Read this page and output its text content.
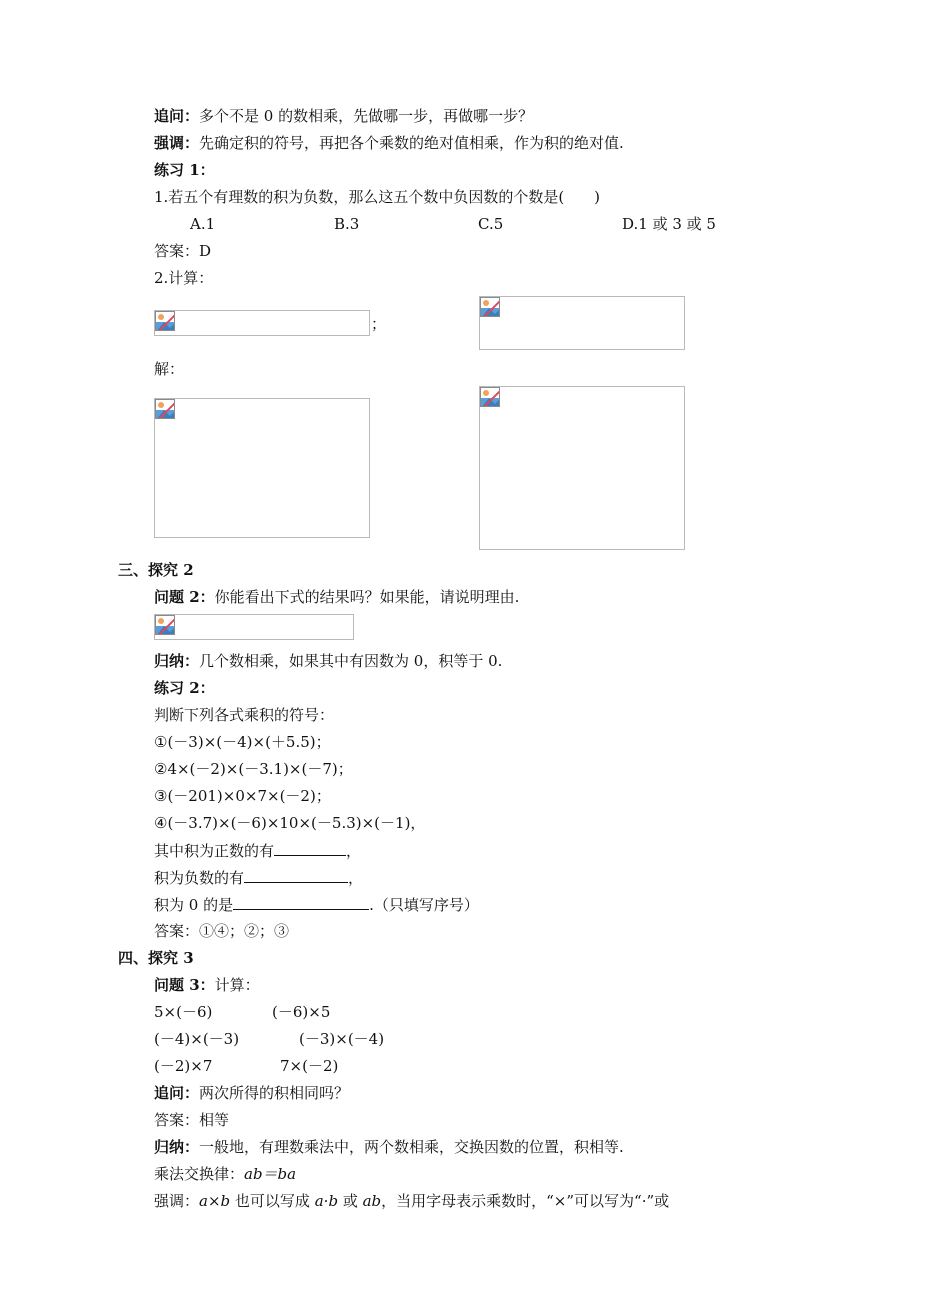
追问：多个不是 0 的数相乘，先做哪一步，再做哪一步？
强调：先确定积的符号，再把各个乘数的绝对值相乘，作为积的绝对值.
练习 1：
1.若五个有理数的积为负数，那么这五个数中负因数的个数是(　　)
A.1	B.3	C.5	D.1 或 3 或 5
答案：D
2.计算：
；
解：
三、探究 2
问题 2：你能看出下式的结果吗？如果能，请说明理由.
归纳：几个数相乘，如果其中有因数为 0，积等于 0.
练习 2：
判断下列各式乘积的符号：
①(－3)×(－4)×(＋5.5)；
②4×(－2)×(－3.1)×(－7)；
③(－201)×0×7×(－2)；
④(－3.7)×(－6)×10×(－5.3)×(－1)，
其中积为正数的有	，
积为负数的有	，
积为 0 的是	.（只填写序号）
答案：①④；②；③
四、探究 3
问题 3：计算：
5×(－6)	(－6)×5
(－4)×(－3)	(－3)×(－4)
(－2)×7	7×(－2)
追问：两次所得的积相同吗？
答案：相等
归纳：一般地，有理数乘法中，两个数相乘，交换因数的位置，积相等.
乘法交换律：ab＝ba
强调：a×b 也可以写成 a·b 或 ab，当用字母表示乘数时，“×”可以写为“·”或
